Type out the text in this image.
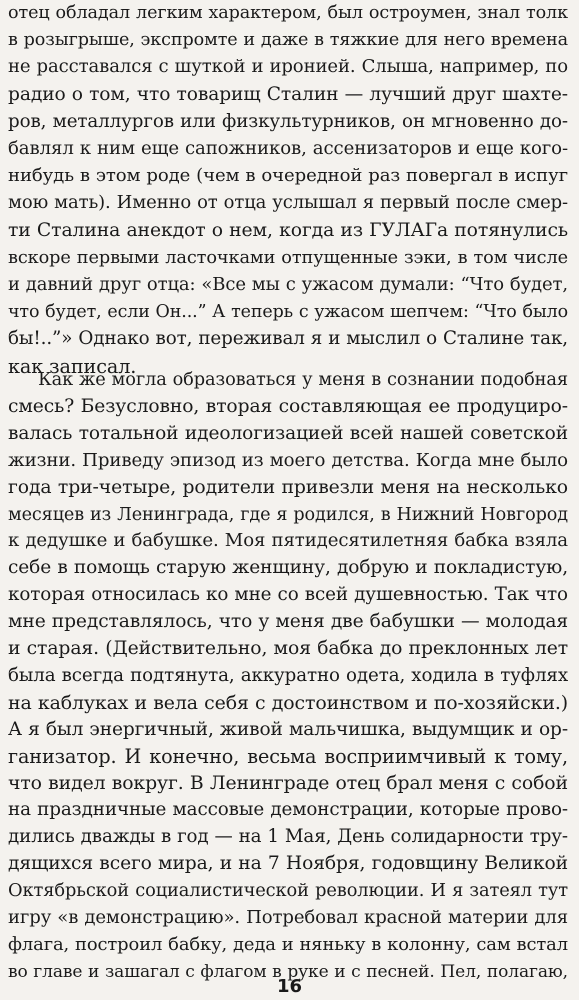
отец обладал легким характером, был остроумен, знал толк
в розыгрыше, экспромте и даже в тяжкие для него времена
не расставался с шуткой и иронией. Слыша, например, по
радио о том, что товарищ Сталин — лучший друг шахте-
ров, металлургов или физкультурников, он мгновенно до-
бавлял к ним еще сапожников, ассенизаторов и еще кого-
нибудь в этом роде (чем в очередной раз повергал в испуг
мою мать). Именно от отца услышал я первый после смер-
ти Сталина анекдот о нем, когда из ГУЛАГа потянулись
вскоре первыми ласточками отпущенные зэки, в том числе
и давний друг отца: «Все мы с ужасом думали: “Что будет,
что будет, если Он...” А теперь с ужасом шепчем: “Что было
бы!..”» Однако вот, переживал я и мыслил о Сталине так,
как записал.
Как же могла образоваться у меня в сознании подобная
смесь? Безусловно, вторая составляющая ее продуциро-
валась тотальной идеологизацией всей нашей советской
жизни. Приведу эпизод из моего детства. Когда мне было
года три-четыре, родители привезли меня на несколько
месяцев из Ленинграда, где я родился, в Нижний Новгород
к дедушке и бабушке. Моя пятидесятилетняя бабка взяла
себе в помощь старую женщину, добрую и покладистую,
которая относилась ко мне со всей душевностью. Так что
мне представлялось, что у меня две бабушки — молодая
и старая. (Действительно, моя бабка до преклонных лет
была всегда подтянута, аккуратно одета, ходила в туфлях
на каблуках и вела себя с достоинством и по-хозяйски.)
А я был энергичный, живой мальчишка, выдумщик и ор-
ганизатор. И конечно, весьма восприимчивый к тому,
что видел вокруг. В Ленинграде отец брал меня с собой
на праздничные массовые демонстрации, которые прово-
дились дважды в год — на 1 Мая, День солидарности тру-
дящихся всего мира, и на 7 Ноября, годовщину Великой
Октябрьской социалистической революции. И я затеял тут
игру «в демонстрацию». Потребовал красной материи для
флага, построил бабку, деда и няньку в колонну, сам встал
во главе и зашагал с флагом в руке и с песней. Пел, полагаю,
16
